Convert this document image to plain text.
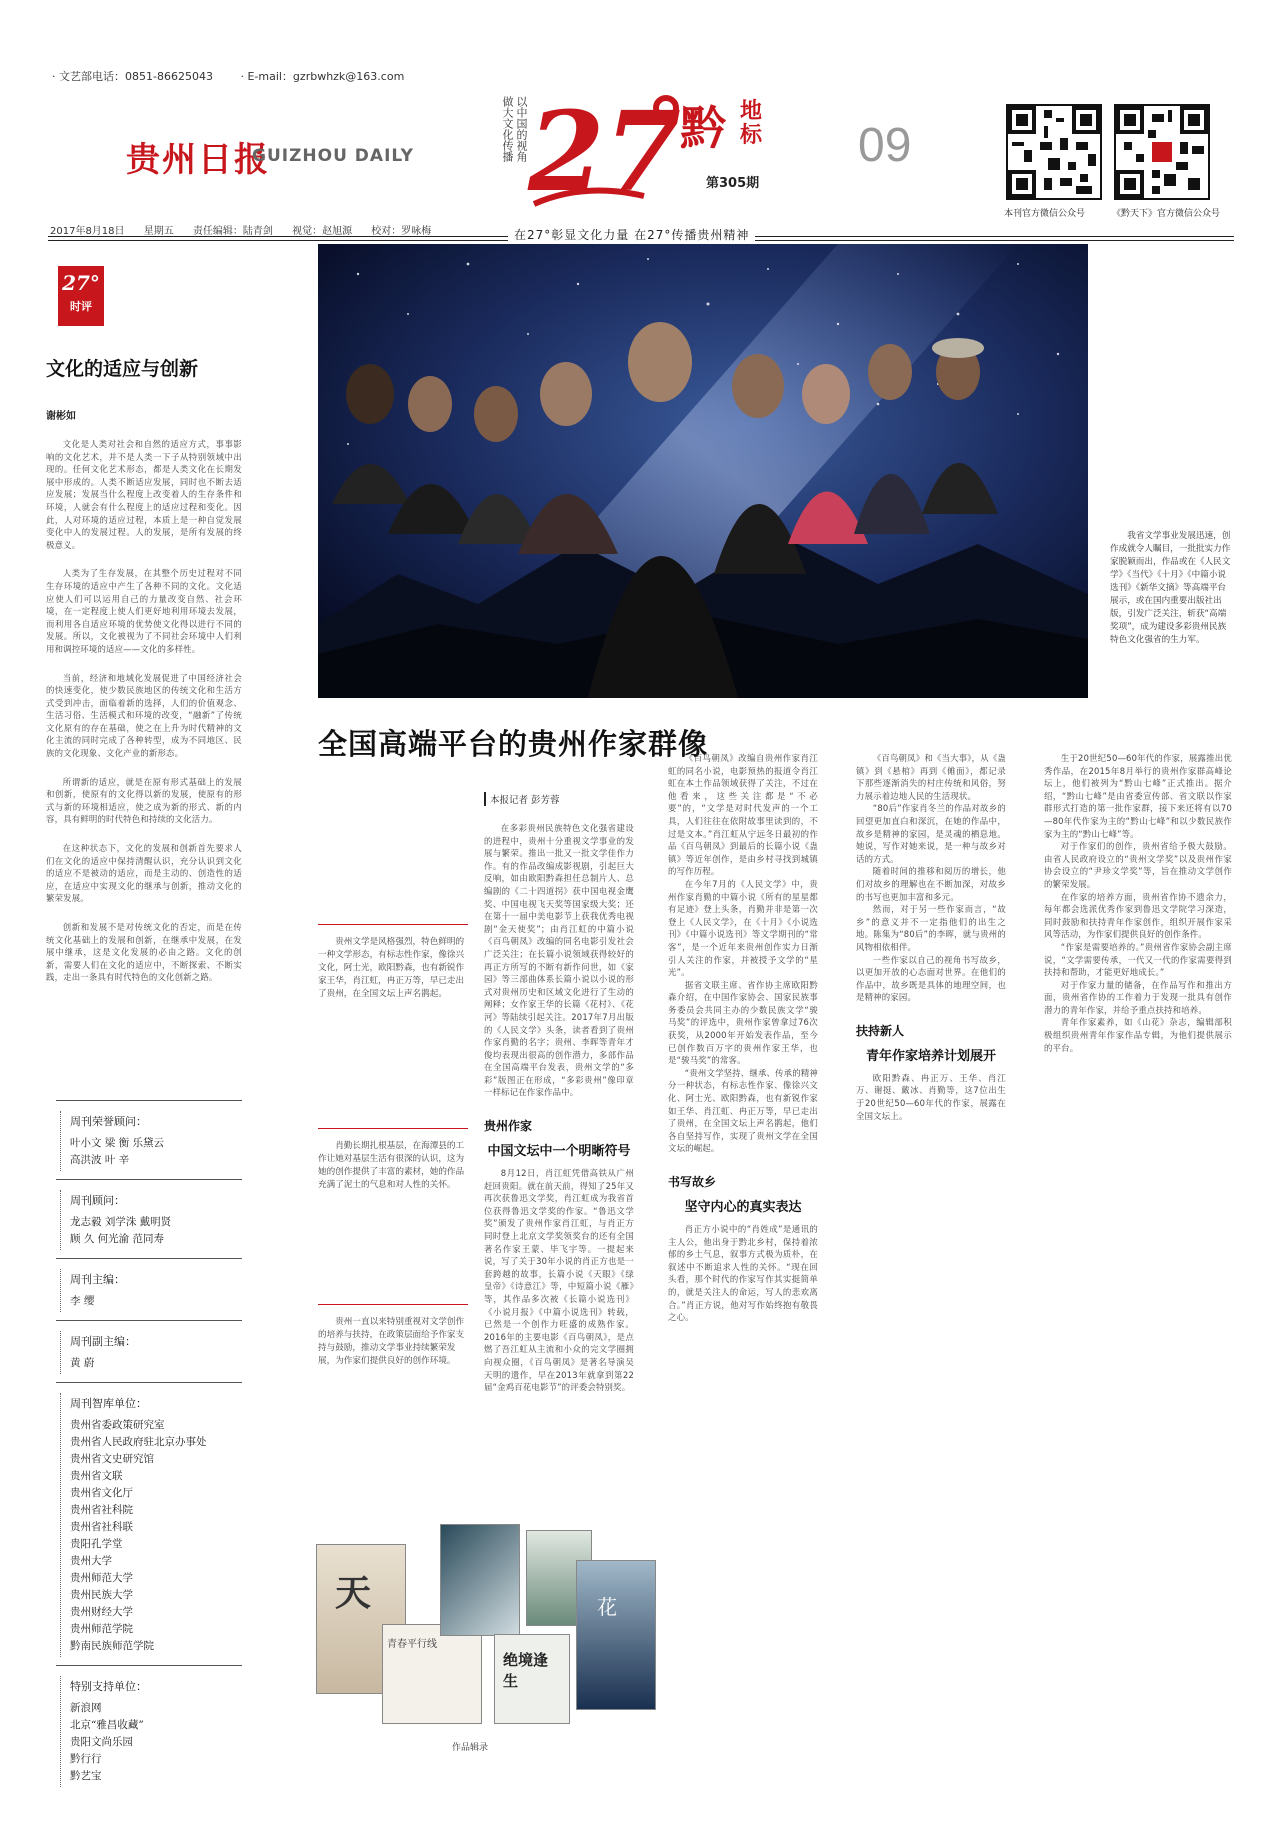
· 文艺部电话：0851-86625043	· E-mail：gzrbwhzk@163.com
贵州日报
GUIZHOU DAILY	以中国的视角
做大文化传播 27
黔 地标
第305期
09
本刊官方微信公众号	《黔天下》官方微信公众号
2017年8月18日 星期五 责任编辑：陆青剑 视觉：赵旭源 校对：罗咏梅	在27°彰显文化力量 在27°传播贵州精神
27°
时评
文化的适应与创新
谢彬如

文化是人类对社会和自然的适应方式，事事影响的文化艺术，并不是人类一下子从特别领域中出现的。任何文化艺术形态，都是人类文化在长期发展中形成的。人类不断适应发展，同时也不断去适应发展；发展当什么程度上改变着人的生存条件和环境，人就会有什么程度上的适应过程和变化。因此，人对环境的适应过程，本质上是一种自觉发展变化中人的发展过程。人的发展，是所有发展的终极意义。

人类为了生存发展，在其整个历史过程对不同生存环境的适应中产生了各种不同的文化。文化适应使人们可以运用自己的力量改变自然、社会环境，在一定程度上使人们更好地利用环境去发展，而利用各自适应环境的优势使文化得以进行不同的发展。所以，文化被视为了不同社会环境中人们利用和调控环境的适应——文化的多样性。

当前，经济和地域化发展促进了中国经济社会的快速变化，使少数民族地区的传统文化和生活方式受到冲击，面临着新的选择，人们的价值观念、生活习俗、生活模式和环境的改变，“融新”了传统文化原有的存在基础，使之在上升为时代精神的文化主流的同时完成了各种转型，成为不同地区、民族的文化现象、文化产业的新形态。

所谓新的适应，就是在原有形式基础上的发展和创新，使原有的文化得以新的发展，使原有的形式与新的环境相适应，使之成为新的形式、新的内容，具有鲜明的时代特色和持续的文化活力。

在这种状态下，文化的发展和创新首先要求人们在文化的适应中保持清醒认识，充分认识到文化的适应不是被动的适应，而是主动的、创造性的适应，在适应中实现文化的继承与创新，推动文化的繁荣发展。

创新和发展不是对传统文化的否定，而是在传统文化基础上的发展和创新，在继承中发展，在发展中继承，这是文化发展的必由之路。文化的创新，需要人们在文化的适应中，不断探索、不断实践，走出一条具有时代特色的文化创新之路。

周刊荣誉顾问：
叶小文 梁 衡 乐黛云
高洪波 叶 辛
周刊顾问：
龙志毅 刘学洙 戴明贤
顾 久 何光渝 范同寿
周刊主编：
李 缨
周刊副主编：
黄 蔚
周刊智库单位：
贵州省委政策研究室
贵州省人民政府驻北京办事处
贵州省文史研究馆
贵州省文联
贵州省文化厅
贵州省社科院
贵州省社科联
贵阳孔学堂
贵州大学
贵州师范大学
贵州民族大学
贵州财经大学
贵州师范学院
黔南民族师范学院
特别支持单位：
新浪网
北京“雅昌收藏”
贵阳文尚乐园
黔行行
黔艺宝

我省文学事业发展迅速，创作成就令人瞩目，一批批实力作家脱颖而出，作品或在《人民文学》《当代》《十月》《中篇小说选刊》《新华文摘》等高端平台展示，或在国内重要出版社出版，引发广泛关注，斩获“高端奖项”，成为建设多彩贵州民族特色文化强省的生力军。

全国高端平台的贵州作家群像
本报记者 彭芳蓉

贵州文学是风格强烈，特色鲜明的一种文学形态，有标志性作家，像徐兴文化，阿士光，欧阳黔森，也有新锐作家王华，肖江虹，冉正万等，早已走出了贵州，在全国文坛上声名鹊起。

肖勤长期扎根基层，在海潭县的工作让她对基层生活有很深的认识，这为她的创作提供了丰富的素材，她的作品充满了泥土的气息和对人性的关怀。

贵州一直以来特别重视对文学创作的培养与扶持，在政策层面给予作家支持与鼓励，推动文学事业持续繁荣发展，为作家们提供良好的创作环境。

在多彩贵州民族特色文化强省建设的进程中，贵州十分重视文学事业的发展与繁荣。推出一批又一批文学佳作力作。有的作品改编成影视剧，引起巨大反响，如由欧阳黔森担任总制片人、总编剧的《二十四道拐》获中国电视金鹰奖、中国电视飞天奖等国家级大奖；还在第十一届中美电影节上获我优秀电视剧“金天使奖”；由肖江虹的中篇小说《百鸟朝凤》改编的同名电影引发社会广泛关注；在长篇小说领域获得较好的再正方所写的不断有新作问世，如《家园》等三部曲体系长篇小说以小说的形式对贵州历史和区域文化进行了生动的阐释；女作家王华的长篇《花村》、《花河》等陆续引起关注。2017年7月出版的《人民文学》头条，读者看到了贵州作家肖勤的名字；贵州、李晖等青年才俊均表现出很高的创作潜力，多部作品在全国高端平台发表，贵州文学的“多彩”版图正在形成，“多彩贵州”像印章一样标记在作家作品中。

贵州作家
中国文坛中一个明晰符号

8月12日，肖江虹凭借高铁从广州赶回贵阳。就在前天前，得知了25年又再次获鲁迅文学奖，肖江虹成为我省首位获得鲁迅文学奖的作家。“鲁迅文学奖”颁发了贵州作家肖江虹，与肖正方同时登上北京文学奖领奖台的还有全国著名作家王蒙、毕飞宇等。一提起来说，写了关于30年小说的肖正方也是一套跨越的故事，长篇小说《天眼》《绿皇帝》《诗意江》等，中短篇小说《雁》等，其作品多次被《长篇小说选刊》《小说月报》《中篇小说选刊》转载，已然是一个创作力旺盛的成熟作家。2016年的主要电影《百鸟朝凤》，是点燃了吾江虹从主流和小众的完文学圈拥向视众圈，《百鸟朝凤》是著名导演吴天明的遗作，早在2013年就拿到第22届“金鸡百花电影节”的评委会特别奖。

《百鸟朝凤》改编自贵州作家肖江虹的同名小说，电影预热的报道令肖江虹在本土作品领域获得了关注，不过在他看来，这些关注都是“不必要”的，“文学是对时代发声的一个工具，人们往往在依附故事里读到的，不过是文本。”肖江虹从宁远冬日最初的作品《百鸟朝凤》到最后的长篇小说《蛊镇》等近年创作，是由乡村寻找到城镇的写作历程。

在今年7月的《人民文学》中，贵州作家肖勤的中篇小说《所有的星星都有足迹》登上头条，肖勤并非是第一次登上《人民文学》，在《十月》《小说选刊》《中篇小说选刊》等文学期刊的“常客”，是一个近年来贵州创作实力日渐引人关注的作家，并被授予文学的“星光”。

据省文联主席、省作协主席欧阳黔森介绍，在中国作家协会、国家民族事务委员会共同主办的少数民族文学“骏马奖”的评选中，贵州作家曾拿过76次获奖，从2000年开始发表作品，至今已创作数百万字的贵州作家王华，也是“骏马奖”的常客。

“贵州文学坚持、继承、传承的精神分一种状态，有标志性作家、像徐兴文化、阿士光、欧阳黔森，也有新锐作家如王华、肖江虹、冉正万等，早已走出了贵州，在全国文坛上声名鹊起，他们各自坚持写作，实现了贵州文学在全国文坛的崛起。

书写故乡
坚守内心的真实表达

肖正方小说中的“肖姓成”是通讯的主人公，他出身于黔北乡村，保持着浓郁的乡土气息，叙事方式极为质朴，在叙述中不断追求人性的关怀。“现在回头看，那个时代的作家写作其实挺简单的，就是关注人的命运，写人的悲欢离合。”肖正方说，他对写作始终抱有敬畏之心。

《百鸟朝凤》和《当大事》，从《蛊镇》到《悬棺》再到《傩面》，都记录下那些逐渐消失的村庄传统和风俗，努力展示着边地人民的生活现状。

“80后”作家肖冬兰的作品对故乡的回望更加直白和深沉，在她的作品中，故乡是精神的家园，是灵魂的栖息地。她说，写作对她来说，是一种与故乡对话的方式。

随着时间的推移和阅历的增长，他们对故乡的理解也在不断加深，对故乡的书写也更加丰富和多元。

然而，对于另一些作家而言，“故乡”的意义并不一定指他们的出生之地。陈集为“80后”的李晖，就与贵州的风物相依相伴。

一些作家以自己的视角书写故乡，以更加开放的心态面对世界。在他们的作品中，故乡既是具体的地理空间，也是精神的家园。

扶持新人
青年作家培养计划展开

欧阳黔森、冉正万、王华、肖江万、谢挺、戴冰、肖勤等，这7位出生于20世纪50—60年代的作家，展露在全国文坛上。

生于20世纪50—60年代的作家，展露推出优秀作品，在2015年8月举行的贵州作家群高峰论坛上，他们被列为“黔山七峰”正式推出。据介绍，“黔山七峰”是由省委宣传部、省文联以作家群形式打造的第一批作家群，接下来还将有以70—80年代作家为主的“黔山七峰”和以少数民族作家为主的“黔山七峰”等。

对于作家们的创作，贵州省给予极大鼓励。由省人民政府设立的“贵州文学奖”以及贵州作家协会设立的“尹珍文学奖”等，旨在推动文学创作的繁荣发展。

在作家的培养方面，贵州省作协不遗余力，每年都会选派优秀作家到鲁迅文学院学习深造，同时鼓励和扶持青年作家创作，组织开展作家采风等活动，为作家们提供良好的创作条件。

“作家是需要培养的。”贵州省作家协会副主席说，“文学需要传承，一代又一代的作家需要得到扶持和帮助，才能更好地成长。”

对于作家力量的储备，在作品写作和推出方面，贵州省作协的工作着力于发现一批具有创作潜力的青年作家，并给予重点扶持和培养。

青年作家素养，如《山花》杂志，编辑部积极组织贵州青年作家作品专辑，为他们提供展示的平台。

天
青春平行线
绝境逢生
花
作品辑录
